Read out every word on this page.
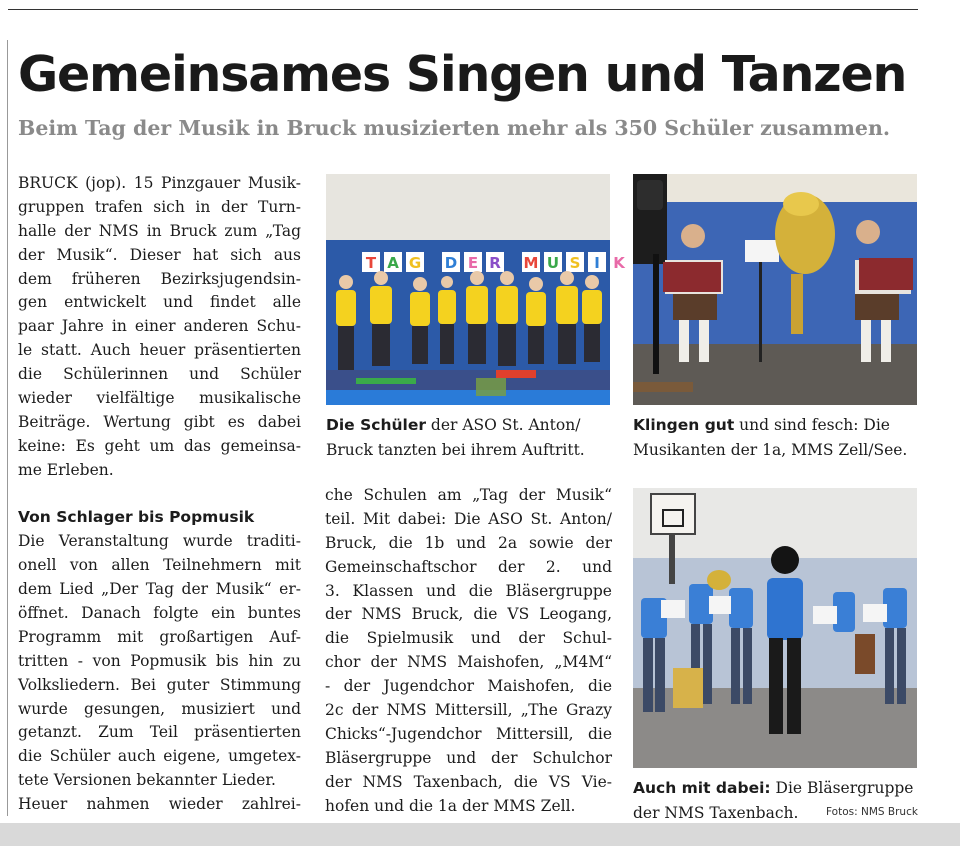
Gemeinsames Singen und Tanzen
Beim Tag der Musik in Bruck musizierten mehr als 350 Schüler zusammen.
BRUCK (jop). 15 Pinzgauer Musik-
gruppen trafen sich in der Turn-
halle der NMS in Bruck zum „Tag
der Musik“. Dieser hat sich aus
dem früheren Bezirksjugendsin-
gen entwickelt und findet alle
paar Jahre in einer anderen Schu-
le statt. Auch heuer präsentierten
die Schülerinnen und Schüler
wieder vielfältige musikalische
Beiträge. Wertung gibt es dabei
keine: Es geht um das gemeinsa-
me Erleben.
Von Schlager bis Popmusik
Die Veranstaltung wurde traditi-
onell von allen Teilnehmern mit
dem Lied „Der Tag der Musik“ er-
öffnet. Danach folgte ein buntes
Programm mit großartigen Auf-
tritten - von Popmusik bis hin zu
Volksliedern. Bei guter Stimmung
wurde gesungen, musiziert und
getanzt. Zum Teil präsentierten
die Schüler auch eigene, umgetex-
tete Versionen bekannter Lieder.
Heuer nahmen wieder zahlrei-
che Schulen am „Tag der Musik“
teil. Mit dabei: Die ASO St. Anton/
Bruck, die 1b und 2a sowie der
Gemeinschaftschor der 2. und
3. Klassen und die Bläsergruppe
der NMS Bruck, die VS Leogang,
die Spielmusik und der Schul-
chor der NMS Maishofen, „M4M“
- der Jugendchor Maishofen, die
2c der NMS Mittersill, „The Grazy
Chicks“-Jugendchor Mittersill, die
Bläsergruppe und der Schulchor
der NMS Taxenbach, die VS Vie-
hofen und die 1a der MMS Zell.
T A G D E R M U S I K
Die Schüler der ASO St. Anton/
Bruck tanzten bei ihrem Auftritt.
Klingen gut und sind fesch: Die
Musikanten der 1a, MMS Zell/See.
Auch mit dabei: Die Bläsergruppe
der NMS Taxenbach.	Fotos: NMS Bruck
